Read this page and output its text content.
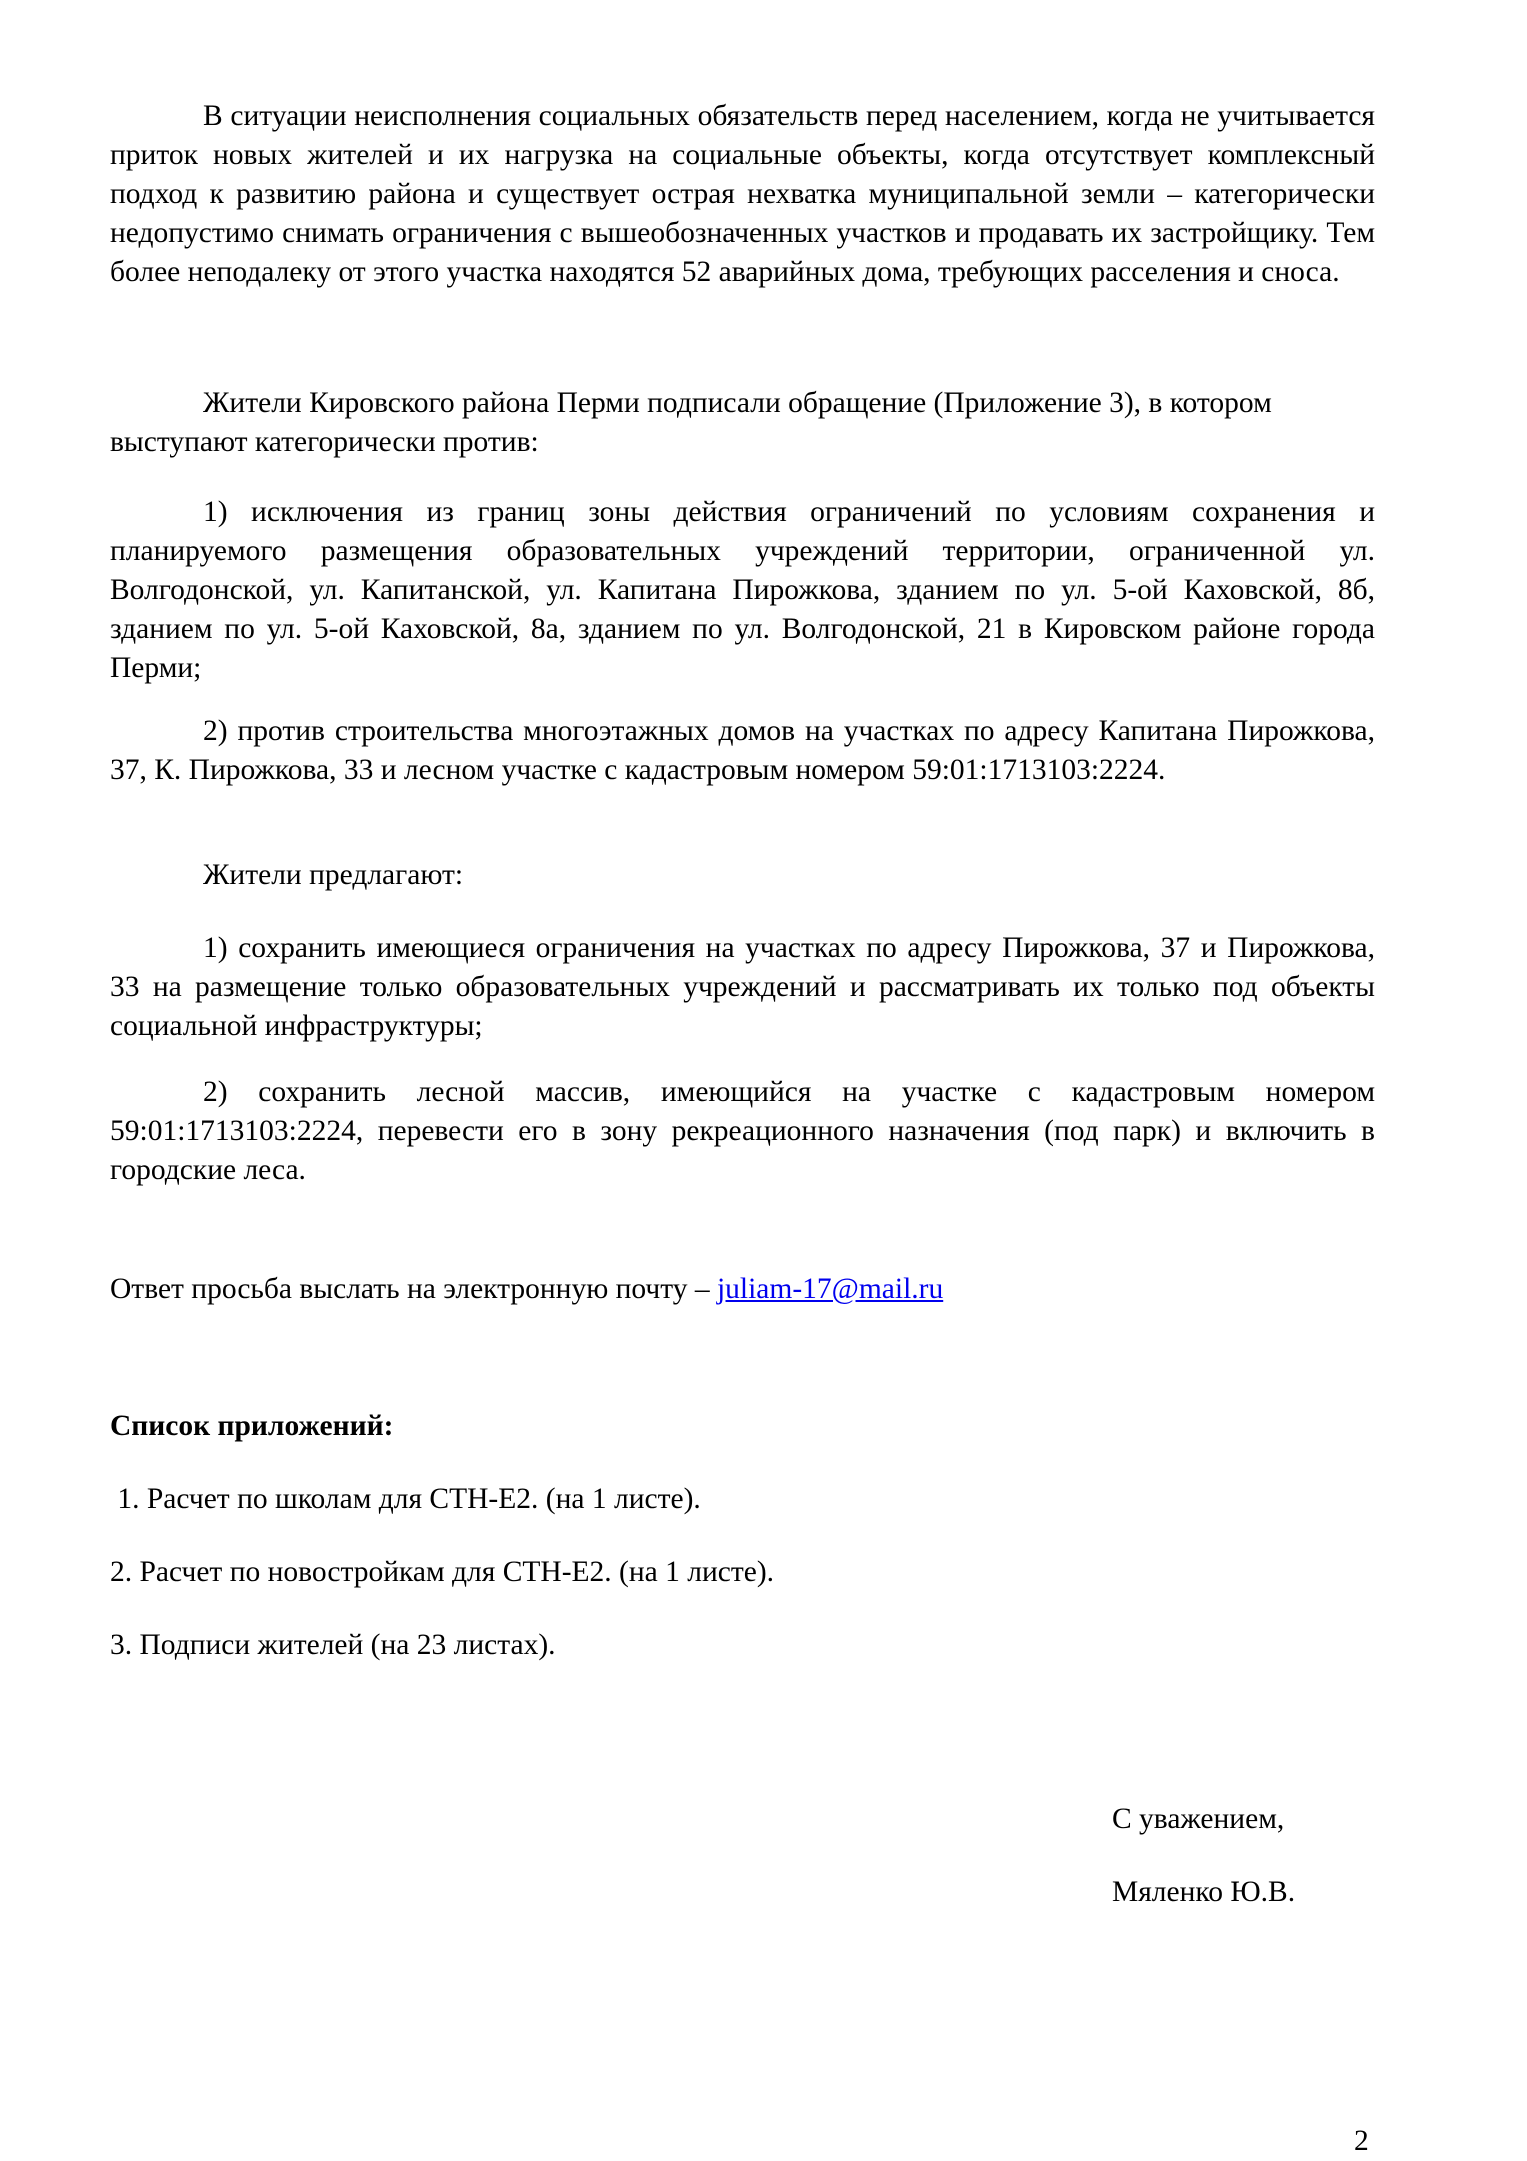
В ситуации неисполнения социальных обязательств перед населением, когда не учитывается приток новых жителей и их нагрузка на социальные объекты, когда отсутствует комплексный подход к развитию района и существует острая нехватка муниципальной земли – категорически недопустимо снимать ограничения с вышеобозначенных участков и продавать их застройщику. Тем более неподалеку от этого участка находятся 52 аварийных дома, требующих расселения и сноса.

Жители Кировского района Перми подписали обращение (Приложение 3), в котором выступают категорически против:

1) исключения из границ зоны действия ограничений по условиям сохранения и планируемого размещения образовательных учреждений территории, ограниченной ул. Волгодонской, ул. Капитанской, ул. Капитана Пирожкова, зданием по ул. 5-ой Каховской, 8б, зданием по ул. 5-ой Каховской, 8а, зданием по ул. Волгодонской, 21 в Кировском районе города Перми;

2) против строительства многоэтажных домов на участках по адресу Капитана Пирожкова, 37, К. Пирожкова, 33 и лесном участке с кадастровым номером 59:01:1713103:2224.

Жители предлагают:

1) сохранить имеющиеся ограничения на участках по адресу Пирожкова, 37 и Пирожкова, 33 на размещение только образовательных учреждений и рассматривать их только под объекты социальной инфраструктуры;

2) сохранить лесной массив, имеющийся на участке с кадастровым номером 59:01:1713103:2224, перевести его в зону рекреационного назначения (под парк) и включить в городские леса.

Ответ просьба выслать на электронную почту – juliam-17@mail.ru

Список приложений:

1. Расчет по школам для СТН-Е2. (на 1 листе).

2. Расчет по новостройкам для СТН-Е2. (на 1 листе).

3. Подписи жителей (на 23 листах).

С уважением,

Мяленко Ю.В.

2
